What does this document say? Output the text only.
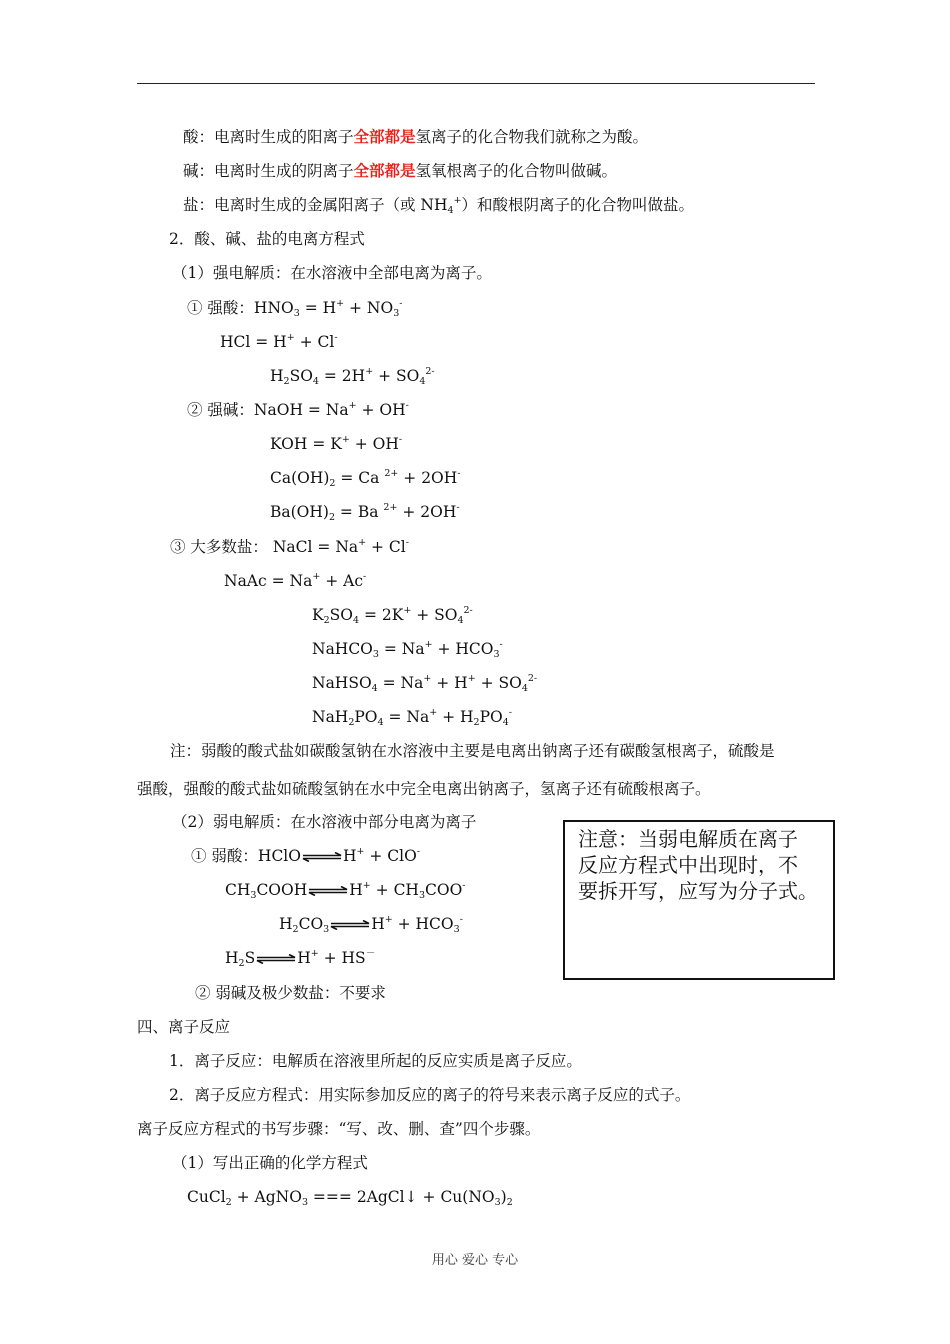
酸：电离时生成的阳离子全部都是氢离子的化合物我们就称之为酸。
碱：电离时生成的阴离子全部都是氢氧根离子的化合物叫做碱。
盐：电离时生成的金属阳离子（或 $NH_4^+$）和酸根阴离子的化合物叫做盐。
2．酸、碱、盐的电离方程式
（1）强电解质：在水溶液中全部电离为离子。
① 强酸：$HNO_3 = H^+ + NO_3^-$
HCl = H+ + Cl-
$H_2SO_4 = 2H^+ + SO_4^{2-}$
② 强碱：NaOH = Na+ + OH-
KOH = K+ + OH-
$Ca(OH)_2 = Ca$ $^{2+}$ + 2OH-
$Ba(OH)_2 = Ba$ $^{2+}$ + 2OH-
③ 大多数盐： NaCl = Na+ + Cl-
NaAc = Na+ + Ac-
$K_2SO_4 = 2K^+ + SO_4^{2-}$
NaHCO$_3$ = $Na^+ + HCO_3^-$
NaHSO$_4$ = $Na^+ + H^+ + SO_4^{2-}$
$NaH_2PO_4 = Na^+ + H_2PO_4^-$
注：弱酸的酸式盐如碳酸氢钠在水溶液中主要是电离出钠离子还有碳酸氢根离子，硫酸是
强酸，强酸的酸式盐如硫酸氢钠在水中完全电离出钠离子，氢离子还有硫酸根离子。
（2）弱电解质：在水溶液中部分电离为离子
① 弱酸：HClO⇌H+ + ClO-
$CH_3COOH\rightleftharpoons H^+ + CH_3COO^-$
$H_2CO_3\rightleftharpoons H^+ + HCO_3^-$
$H_2S\rightleftharpoons H^+ + HS^-$
② 弱碱及极少数盐：不要求
注意：当弱电解质在离子
反应方程式中出现时，不
要拆开写，应写为分子式。
四、离子反应
1．离子反应：电解质在溶液里所起的反应实质是离子反应。
2．离子反应方程式：用实际参加反应的离子的符号来表示离子反应的式子。
离子反应方程式的书写步骤：“写、改、删、查”四个步骤。
（1）写出正确的化学方程式
CuCl$_2$ + AgNO$_3$ === 2AgCl↓ + $Cu(NO_3)_2$
用心 爱心 专心
